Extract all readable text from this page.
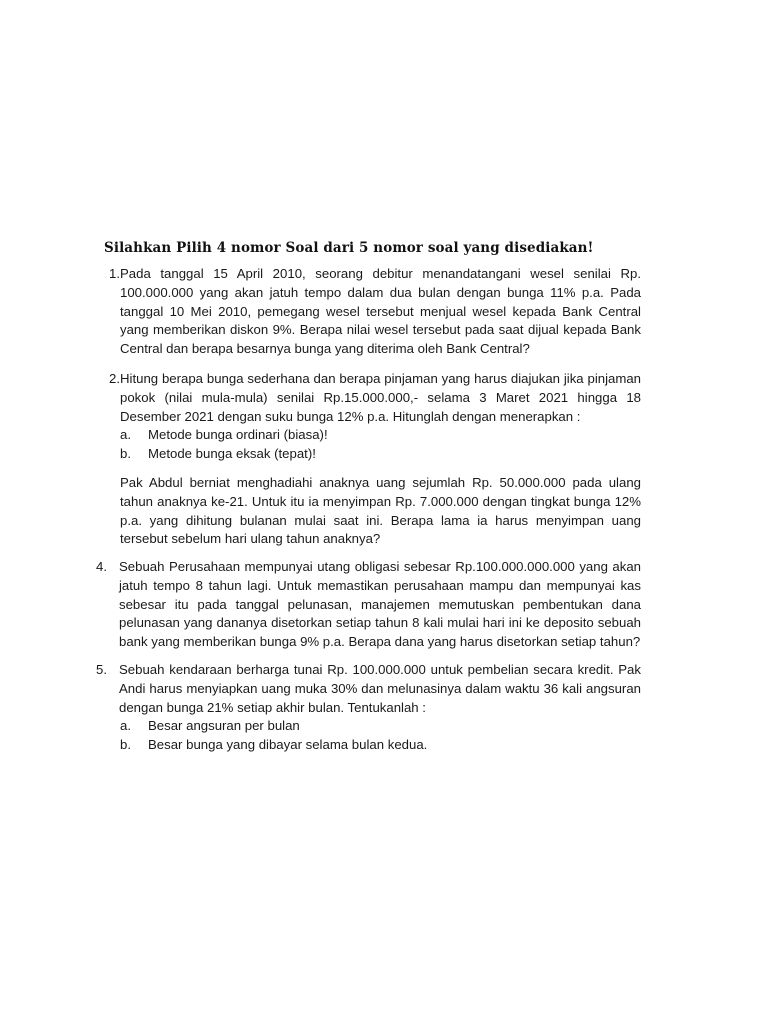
Silahkan Pilih 4 nomor Soal dari 5 nomor soal yang disediakan!
1. Pada tanggal 15 April 2010, seorang debitur menandatangani wesel senilai Rp. 100.000.000 yang akan jatuh tempo dalam dua bulan dengan bunga 11% p.a. Pada tanggal 10 Mei 2010, pemegang wesel tersebut menjual wesel kepada Bank Central yang memberikan diskon 9%. Berapa nilai wesel tersebut pada saat dijual kepada Bank Central dan berapa besarnya bunga yang diterima oleh Bank Central?
2. Hitung berapa bunga sederhana dan berapa pinjaman yang harus diajukan jika pinjaman pokok (nilai mula-mula) senilai Rp.15.000.000,- selama 3 Maret 2021 hingga 18 Desember 2021 dengan suku bunga 12% p.a. Hitunglah dengan menerapkan :
a.	Metode bunga ordinari (biasa)!
b.	Metode bunga eksak (tepat)!
Pak Abdul berniat menghadiahi anaknya uang sejumlah Rp. 50.000.000 pada ulang tahun anaknya ke-21. Untuk itu ia menyimpan Rp. 7.000.000 dengan tingkat bunga 12% p.a. yang dihitung bulanan mulai saat ini. Berapa lama ia harus menyimpan uang tersebut sebelum hari ulang tahun anaknya?
4. Sebuah Perusahaan mempunyai utang obligasi sebesar Rp.100.000.000.000 yang akan jatuh tempo 8 tahun lagi. Untuk memastikan perusahaan mampu dan mempunyai kas sebesar itu pada tanggal pelunasan, manajemen memutuskan pembentukan dana pelunasan yang dananya disetorkan setiap tahun 8 kali mulai hari ini ke deposito sebuah bank yang memberikan bunga 9% p.a. Berapa dana yang harus disetorkan setiap tahun?
5. Sebuah kendaraan berharga tunai Rp. 100.000.000 untuk pembelian secara kredit. Pak Andi harus menyiapkan uang muka 30% dan melunasinya dalam waktu 36 kali angsuran dengan bunga 21% setiap akhir bulan. Tentukanlah :
a.	Besar angsuran per bulan
b.	Besar bunga yang dibayar selama bulan kedua.
